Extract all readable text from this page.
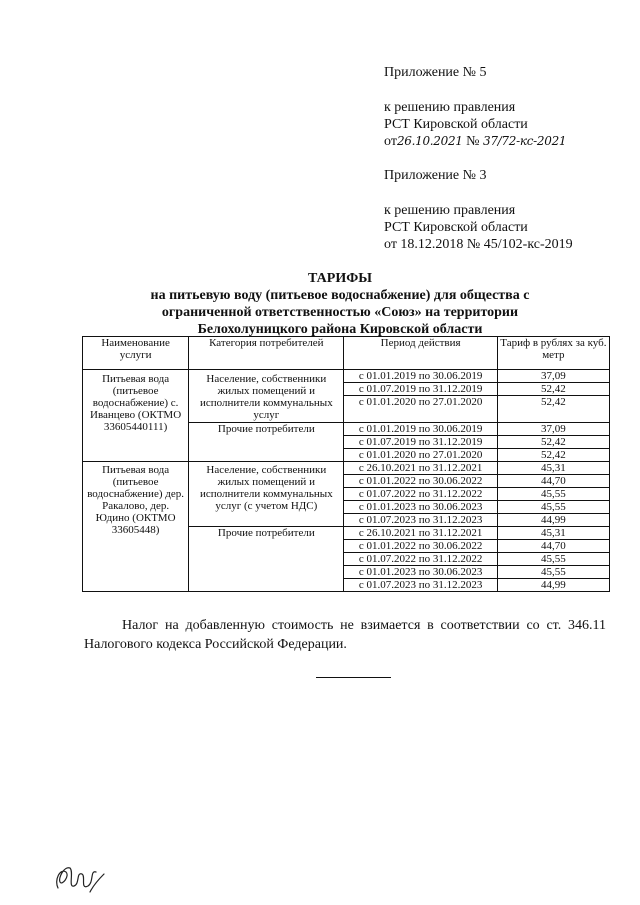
Приложение № 5
к решению правления
РСТ Кировской области
от26.10.2021 № 37/72-кс-2021
Приложение № 3
к решению правления
РСТ Кировской области
от 18.12.2018 № 45/102-кс-2019
ТАРИФЫ
на питьевую воду (питьевое водоснабжение) для общества с
ограниченной ответственностью «Союз» на территории
Белохолуницкого района Кировской области
Наименование услуги	Категория потребителей	Период действия	Тариф в рублях за куб. метр
Питьевая вода (питьевое водоснабжение) с. Иванцево (ОКТМО 33605440111)	Население, собственники жилых помещений и исполнители коммунальных услуг	с 01.01.2019 по 30.06.2019	37,09
		с 01.07.2019 по 31.12.2019	52,42
		с 01.01.2020 по 27.01.2020	52,42
	Прочие потребители	с 01.01.2019 по 30.06.2019	37,09
		с 01.07.2019 по 31.12.2019	52,42
		с 01.01.2020 по 27.01.2020	52,42
Питьевая вода (питьевое водоснабжение) дер. Ракалово, дер. Юдино (ОКТМО 33605448)	Население, собственники жилых помещений и исполнители коммунальных услуг (с учетом НДС)	с 26.10.2021 по 31.12.2021	45,31
		с 01.01.2022 по 30.06.2022	44,70
		с 01.07.2022 по 31.12.2022	45,55
		с 01.01.2023 по 30.06.2023	45,55
		с 01.07.2023 по 31.12.2023	44,99
	Прочие потребители	с 26.10.2021 по 31.12.2021	45,31
		с 01.01.2022 по 30.06.2022	44,70
		с 01.07.2022 по 31.12.2022	45,55
		с 01.01.2023 по 30.06.2023	45,55
		с 01.07.2023 по 31.12.2023	44,99
Налог на добавленную стоимость не взимается в соответствии со ст. 346.11 Налогового кодекса Российской Федерации.
